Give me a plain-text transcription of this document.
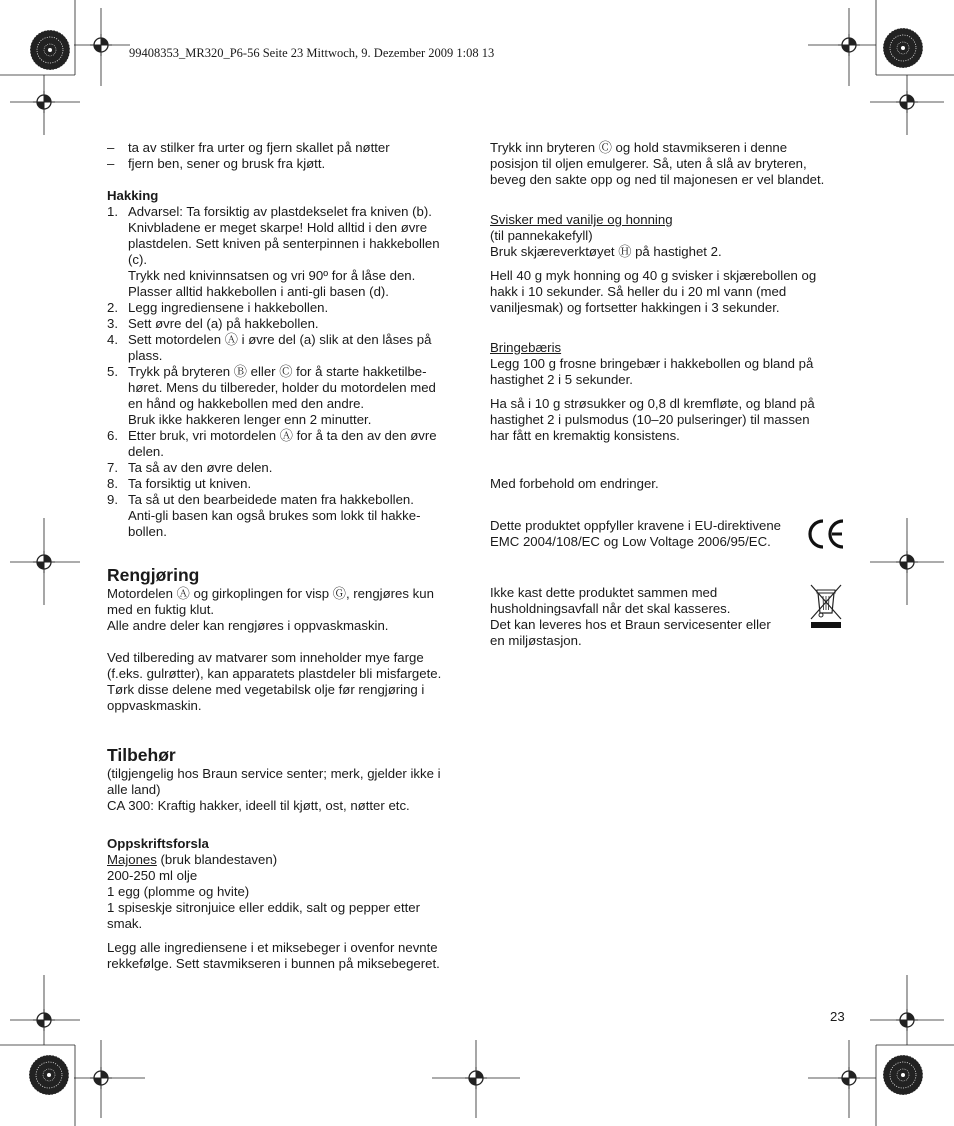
99408353_MR320_P6-56 Seite 23 Mittwoch, 9. Dezember 2009 1:08 13
–	ta av stilker fra urter og fjern skallet på nøtter
–	fjern ben, sener og brusk fra kjøtt.
Hakking
1. Advarsel: Ta forsiktig av plastdekselet fra kniven (b).

Knivbladene er meget skarpe! Hold alltid i den øvre

plastdelen. Sett kniven på senterpinnen i hakkebollen

(c).

Trykk ned knivinnsatsen og vri 90º for å låse den.

Plasser alltid hakkebollen i anti-gli basen (d).

2. Legg ingrediensene i hakkebollen.

3. Sett øvre del (a) på hakkebollen.

4. Sett motordelen Ⓐ i øvre del (a) slik at den låses på

plass.

5. Trykk på bryteren Ⓑ eller Ⓒ for å starte hakketilbe-

høret. Mens du tilbereder, holder du motordelen med

en hånd og hakkebollen med den andre.

Bruk ikke hakkeren lenger enn 2 minutter.

6. Etter bruk, vri motordelen Ⓐ for å ta den av den øvre

delen.

7. Ta så av den øvre delen.

8. Ta forsiktig ut kniven.

9. Ta så ut den bearbeidede maten fra hakkebollen.

Anti-gli basen kan også brukes som lokk til hakke-

bollen.

Rengjøring

Motordelen Ⓐ og girkoplingen for visp Ⓖ, rengjøres kun

med en fuktig klut.

Alle andre deler kan rengjøres i oppvaskmaskin.

Ved tilbereding av matvarer som inneholder mye farge

(f.eks. gulrøtter), kan apparatets plastdeler bli misfargete.

Tørk disse delene med vegetabilsk olje før rengjøring i

oppvaskmaskin.

Tilbehør

(tilgjengelig hos Braun service senter; merk, gjelder ikke i

alle land)

CA 300: Kraftig hakker, ideell til kjøtt, ost, nøtter etc.

Oppskriftsforsla

Majones (bruk blandestaven)

200-250 ml olje

1 egg (plomme og hvite)

1 spiseskje sitronjuice eller eddik, salt og pepper etter

smak.

Legg alle ingrediensene i et miksebeger i ovenfor nevnte

rekkefølge. Sett stavmikseren i bunnen på miksebegeret.

Trykk inn bryteren Ⓒ og hold stavmikseren i denne

posisjon til oljen emulgerer. Så, uten å slå av bryteren,

beveg den sakte opp og ned til majonesen er vel blandet.

Svisker med vanilje og honning

(til pannekakefyll)

Bruk skjæreverktøyet Ⓗ på hastighet 2.

Hell 40 g myk honning og 40 g svisker i skjærebollen og

hakk i 10 sekunder. Så heller du i 20 ml vann (med

vaniljesmak) og fortsetter hakkingen i 3 sekunder.

Bringebæris

Legg 100 g frosne bringebær i hakkebollen og bland på

hastighet 2 i 5 sekunder.

Ha så i 10 g strøsukker og 0,8 dl kremfløte, og bland på

hastighet 2 i pulsmodus (10–20 pulseringer) til massen

har fått en kremaktig konsistens.

Med forbehold om endringer.

Dette produktet oppfyller kravene i EU-direktivene

EMC 2004/108/EC og Low Voltage 2006/95/EC.

Ikke kast dette produktet sammen med

husholdningsavfall når det skal kasseres.

Det kan leveres hos et Braun servicesenter eller

en miljøstasjon.

23
